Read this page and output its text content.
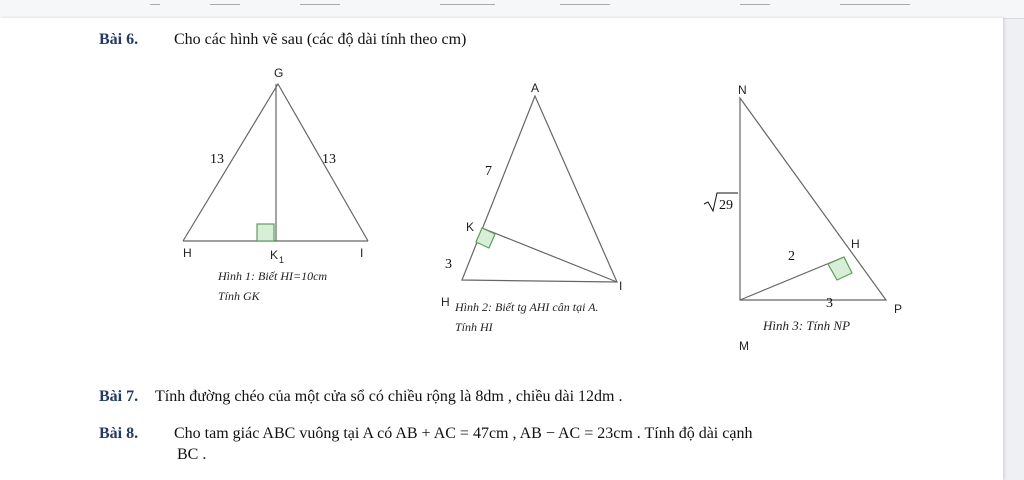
Bài 6. Cho các hình vẽ sau (các độ dài tính theo cm)
G
H	K 1	I
13	13
Hình 1: Biết HI=10cm
Tính GK
A
K
H
I
7
3
Hình 2: Biết tg AHI cân tại A.
Tính HI
N
H
M
P
29
2
3
Hình 3: Tính NP
Bài 7. Tính đường chéo của một cửa sổ có chiều rộng là 8dm , chiều dài 12dm .
Bài 8. Cho tam giác ABC vuông tại A có AB + AC = 47cm , AB − AC = 23cm . Tính độ dài cạnh
BC .
